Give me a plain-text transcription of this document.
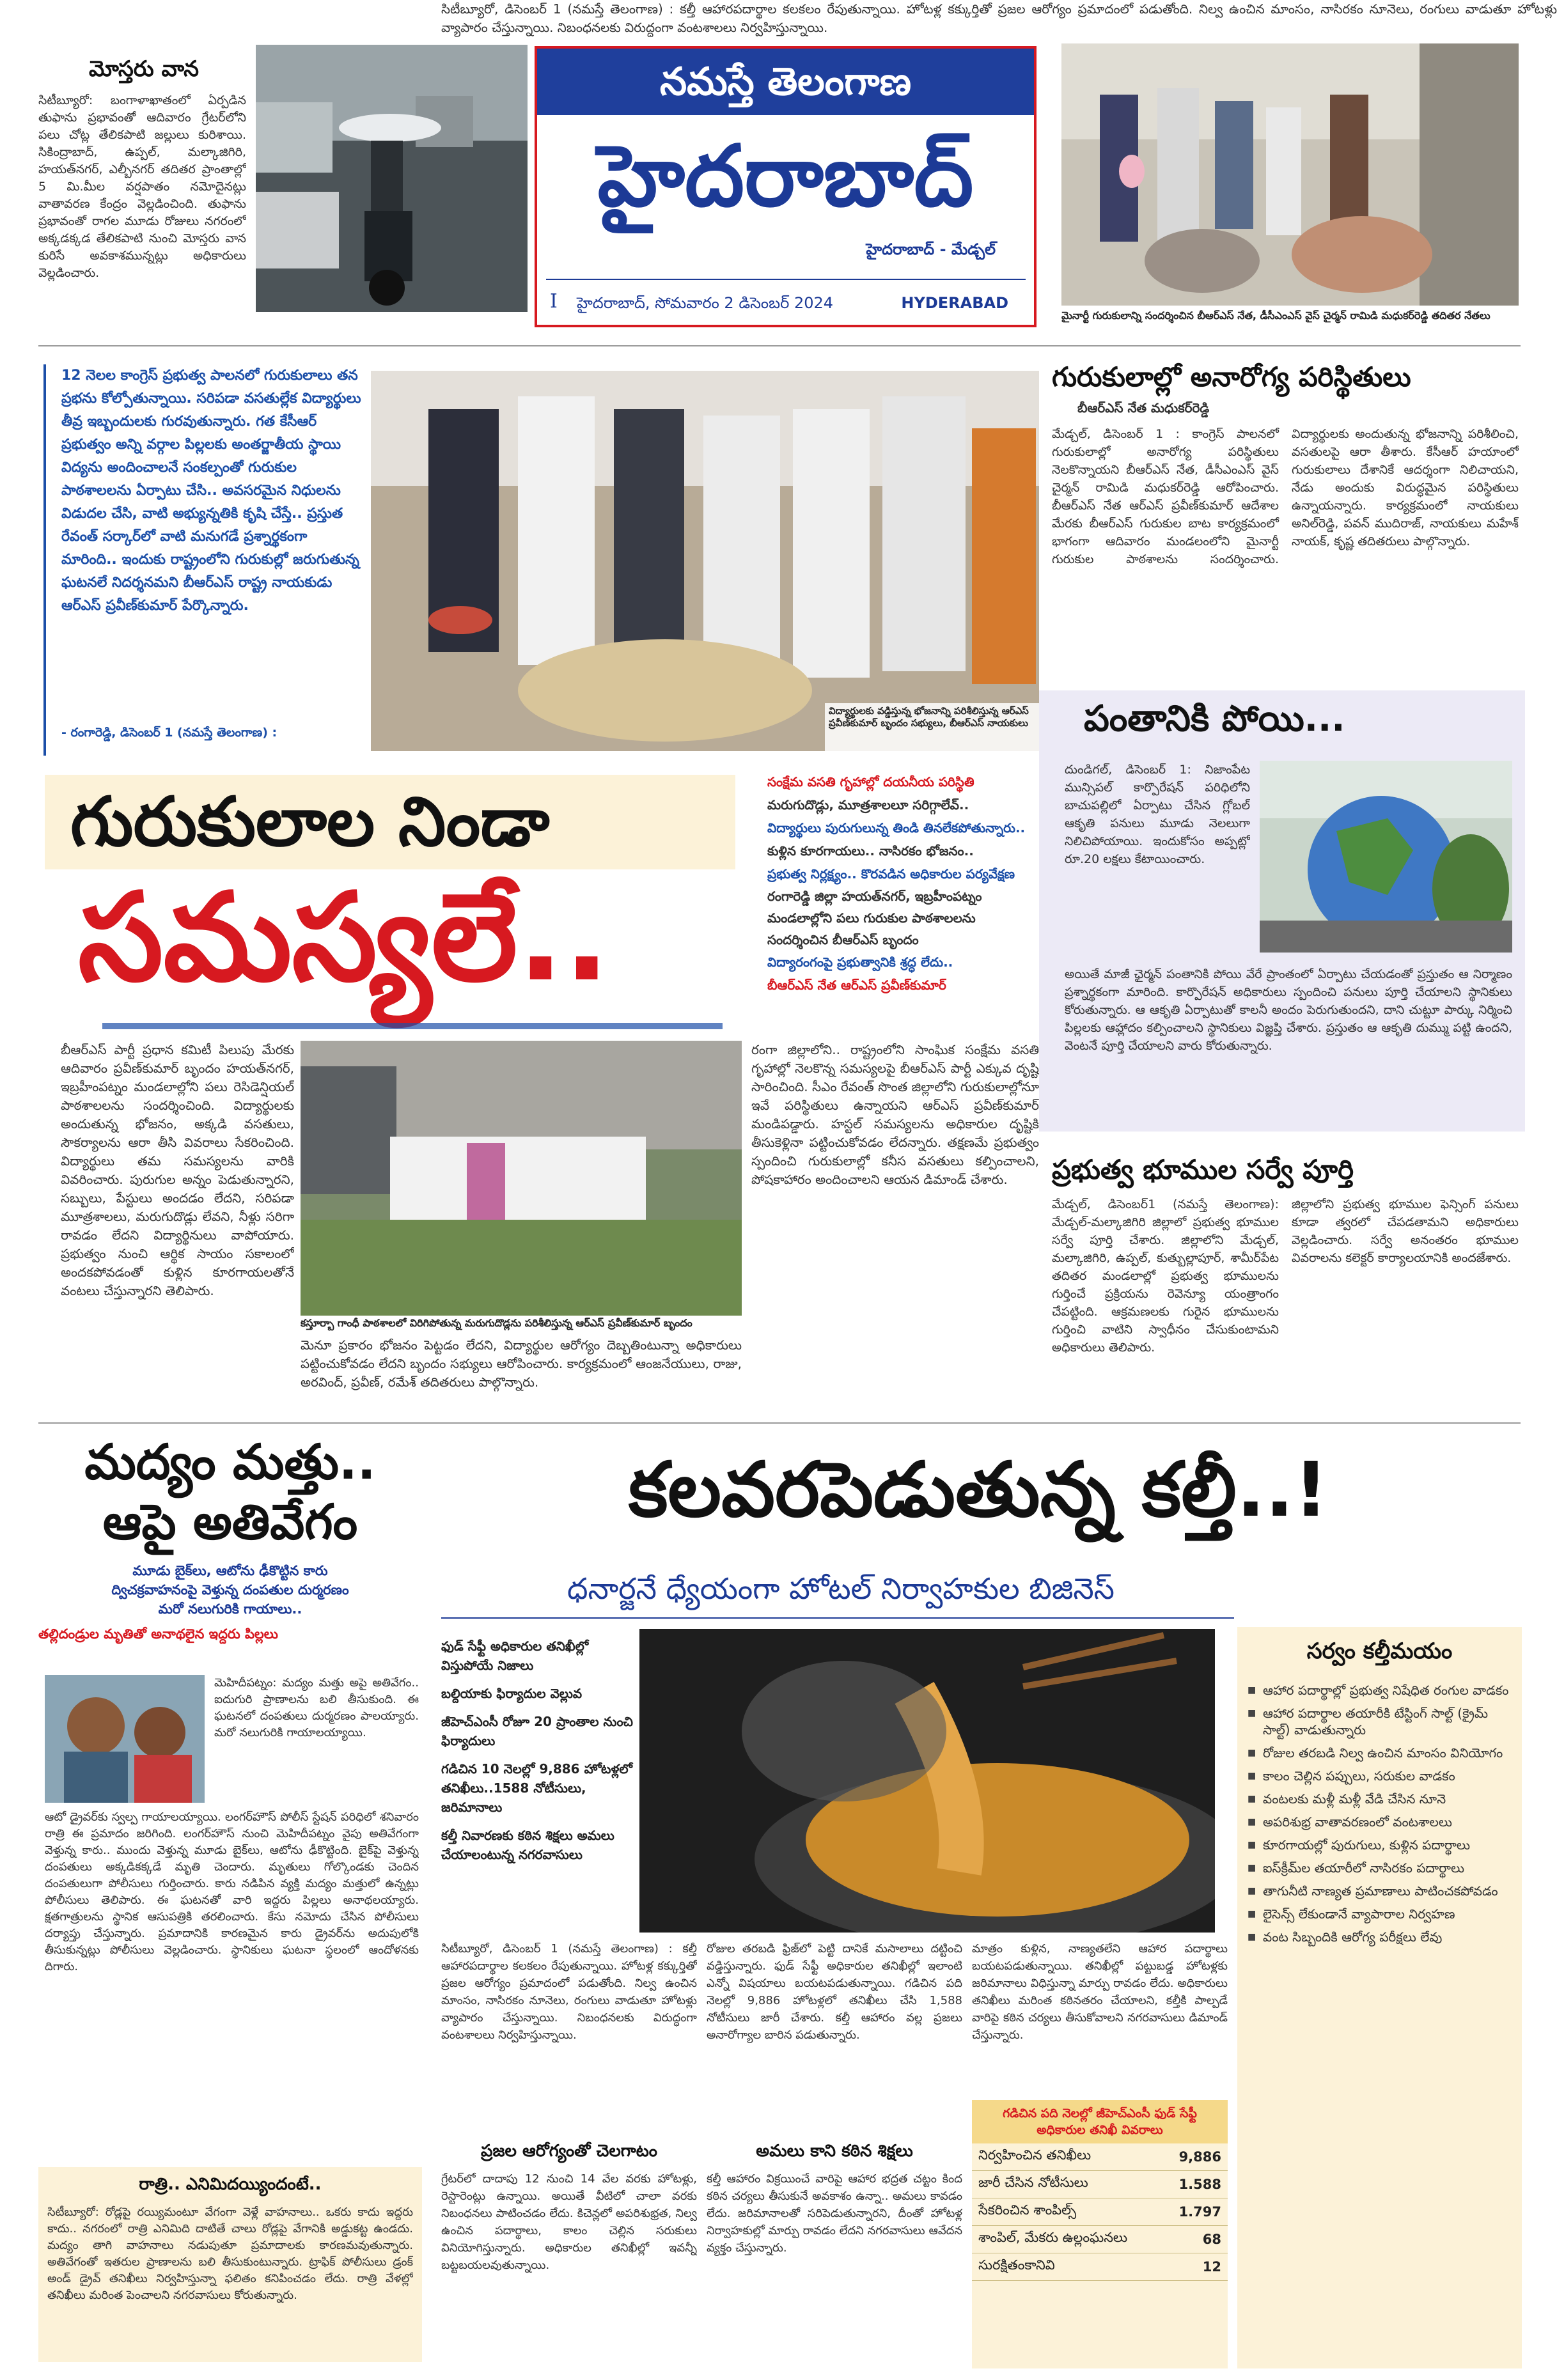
మోస్తరు వాన
సిటీబ్యూరో: బంగాళాఖాతంలో ఏర్పడిన తుఫాను ప్రభావంతో ఆదివారం గ్రేటర్‌లోని పలు చోట్ల తేలికపాటి జల్లులు కురిశాయి. సికింద్రాబాద్, ఉప్పల్, మల్కాజిగిరి, హయత్‌నగర్, ఎల్బీనగర్ తదితర ప్రాంతాల్లో 5 మి.మీల వర్షపాతం నమోదైనట్లు వాతావరణ కేంద్రం వెల్లడించింది. తుఫాను ప్రభావంతో రాగల మూడు రోజులు నగరంలో అక్కడక్కడ తేలికపాటి నుంచి మోస్తరు వాన కురిసే అవకాశమున్నట్లు అధికారులు వెల్లడించారు.
నమస్తే తెలంగాణ
హైదరాబాద్
హైదరాబాద్ - మేడ్చల్
I హైదరాబాద్, సోమవారం 2 డిసెంబర్ 2024	HYDERABAD
మైనార్టీ గురుకులాన్ని సందర్శించిన బీఆర్‌ఎస్ నేత, డీసీఎంఎస్ వైస్ చైర్మన్ రామిడి మధుకర్‌రెడ్డి తదితర నేతలు
12 నెలల కాంగ్రెస్ ప్రభుత్వ పాలనలో గురుకులాలు తన ప్రభను కోల్పోతున్నాయి. సరిపడా వసతుల్లేక విద్యార్థులు తీవ్ర ఇబ్బందులకు గురవుతున్నారు. గత కేసీఆర్ ప్రభుత్వం అన్ని వర్గాల పిల్లలకు అంతర్జాతీయ స్థాయి విద్యను అందించాలనే సంకల్పంతో గురుకుల పాఠశాలలను ఏర్పాటు చేసి.. అవసరమైన నిధులను విడుదల చేసి, వాటి అభ్యున్నతికి కృషి చేస్తే.. ప్రస్తుత రేవంత్ సర్కార్‌లో వాటి మనుగడే ప్రశ్నార్థకంగా మారింది.. ఇందుకు రాష్ట్రంలోని గురుకుల్లో జరుగుతున్న ఘటనలే నిదర్శనమని బీఆర్‌ఎస్ రాష్ట్ర నాయకుడు ఆర్‌ఎస్ ప్రవీణ్‌కుమార్ పేర్కొన్నారు.
- రంగారెడ్డి, డిసెంబర్ 1 (నమస్తే తెలంగాణ) :
విద్యార్థులకు వడ్డిస్తున్న భోజనాన్ని పరిశీలిస్తున్న ఆర్‌ఎస్ ప్రవీణ్‌కుమార్ బృందం సభ్యులు, బీఆర్‌ఎస్ నాయకులు
గురుకులాల నిండా
సమస్యలే..
సంక్షేమ వసతి గృహాల్లో దయనీయ పరిస్థితి
మరుగుదొడ్లు, మూత్రశాలలూ సరిగ్గాలేవ్..
విద్యార్థులు పురుగులున్న తిండి తినలేకపోతున్నారు..
కుళ్లిన కూరగాయలు.. నాసిరకం భోజనం..
ప్రభుత్వ నిర్లక్ష్యం.. కొరవడిన అధికారుల పర్యవేక్షణ
రంగారెడ్డి జిల్లా హయత్‌నగర్, ఇబ్రహీంపట్నం మండలాల్లోని పలు గురుకుల పాఠశాలలను సందర్శించిన బీఆర్‌ఎస్ బృందం
విద్యారంగంపై ప్రభుత్వానికి శ్రద్ధ లేదు..
బీఆర్‌ఎస్ నేత ఆర్‌ఎస్ ప్రవీణ్‌కుమార్
బీఆర్‌ఎస్ పార్టీ ప్రధాన కమిటీ పిలుపు మేరకు ఆదివారం ప్రవీణ్‌కుమార్ బృందం హయత్‌నగర్, ఇబ్రహీంపట్నం మండలాల్లోని పలు రెసిడెన్షియల్ పాఠశాలలను సందర్శించింది. విద్యార్థులకు అందుతున్న భోజనం, అక్కడి వసతులు, సౌకర్యాలను ఆరా తీసి వివరాలు సేకరించింది. విద్యార్థులు తమ సమస్యలను వారికి వివరించారు. పురుగుల అన్నం పెడుతున్నారని, సబ్బులు, పేస్టులు అందడం లేదని, సరిపడా మూత్రశాలలు, మరుగుదొడ్లు లేవని, నీళ్లు సరిగా రావడం లేదని విద్యార్థినులు వాపోయారు. ప్రభుత్వం నుంచి ఆర్థిక సాయం సకాలంలో అందకపోవడంతో కుళ్లిన కూరగాయలతోనే వంటలు చేస్తున్నారని తెలిపారు.
కస్తూర్బా గాంధీ పాఠశాలలో విరిగిపోతున్న మరుగుదొడ్లను పరిశీలిస్తున్న ఆర్‌ఎస్ ప్రవీణ్‌కుమార్ బృందం
రంగా జిల్లాలోని.. రాష్ట్రంలోని సాంఘిక సంక్షేమ వసతి గృహాల్లో నెలకొన్న సమస్యలపై బీఆర్‌ఎస్ పార్టీ ఎక్కువ దృష్టి సారించింది. సీఎం రేవంత్ సొంత జిల్లాలోని గురుకులాల్లోనూ ఇవే పరిస్థితులు ఉన్నాయని ఆర్‌ఎస్ ప్రవీణ్‌కుమార్ మండిపడ్డారు. హస్టల్ సమస్యలను అధికారుల దృష్టికి తీసుకెళ్లినా పట్టించుకోవడం లేదన్నారు. తక్షణమే ప్రభుత్వం స్పందించి గురుకులాల్లో కనీస వసతులు కల్పించాలని, పోషకాహారం అందించాలని ఆయన డిమాండ్ చేశారు.
మెనూ ప్రకారం భోజనం పెట్టడం లేదని, విద్యార్థుల ఆరోగ్యం దెబ్బతింటున్నా అధికారులు పట్టించుకోవడం లేదని బృందం సభ్యులు ఆరోపించారు. కార్యక్రమంలో ఆంజనేయులు, రాజు, అరవింద్, ప్రవీణ్, రమేశ్ తదితరులు పాల్గొన్నారు.
గురుకులాల్లో అనారోగ్య పరిస్థితులు
బీఆర్‌ఎస్ నేత మధుకర్‌రెడ్డి
మేడ్చల్, డిసెంబర్ 1 : కాంగ్రెస్ పాలనలో గురుకులాల్లో అనారోగ్య పరిస్థితులు నెలకొన్నాయని బీఆర్‌ఎస్ నేత, డీసీఎంఎస్ వైస్ చైర్మన్ రామిడి మధుకర్‌రెడ్డి ఆరోపించారు. బీఆర్‌ఎస్ నేత ఆర్‌ఎస్ ప్రవీణ్‌కుమార్ ఆదేశాల మేరకు బీఆర్‌ఎస్ గురుకుల బాట కార్యక్రమంలో భాగంగా ఆదివారం మండలంలోని మైనార్టీ గురుకుల పాఠశాలను సందర్శించారు. విద్యార్థులకు అందుతున్న భోజనాన్ని పరిశీలించి, వసతులపై ఆరా తీశారు. కేసీఆర్ హయాంలో గురుకులాలు దేశానికే ఆదర్శంగా నిలిచాయని, నేడు అందుకు విరుద్ధమైన పరిస్థితులు ఉన్నాయన్నారు. కార్యక్రమంలో నాయకులు అనిల్‌రెడ్డి, పవన్ ముదిరాజ్, నాయకులు మహేశ్ నాయక్, కృష్ణ తదితరులు పాల్గొన్నారు.
పంతానికి పోయి...
దుండిగల్, డిసెంబర్ 1: నిజాంపేట మున్సిపల్ కార్పొరేషన్ పరిధిలోని బాచుపల్లిలో ఏర్పాటు చేసిన గ్లోబల్ ఆకృతి పనులు మూడు నెలలుగా నిలిచిపోయాయి. ఇందుకోసం అప్పట్లో రూ.20 లక్షలు కేటాయించారు.
అయితే మాజీ ఛైర్మన్ పంతానికి పోయి వేరే ప్రాంతంలో ఏర్పాటు చేయడంతో ప్రస్తుతం ఆ నిర్మాణం ప్రశ్నార్థకంగా మారింది. కార్పొరేషన్ అధికారులు స్పందించి పనులు పూర్తి చేయాలని స్థానికులు కోరుతున్నారు. ఆ ఆకృతి ఏర్పాటుతో కాలనీ అందం పెరుగుతుందని, దాని చుట్టూ పార్కు నిర్మించి పిల్లలకు ఆహ్లాదం కల్పించాలని స్థానికులు విజ్ఞప్తి చేశారు. ప్రస్తుతం ఆ ఆకృతి దుమ్ము పట్టి ఉందని, వెంటనే పూర్తి చేయాలని వారు కోరుతున్నారు.
ప్రభుత్వ భూముల సర్వే పూర్తి
మేడ్చల్, డిసెంబర్1 (నమస్తే తెలంగాణ): మేడ్చల్-మల్కాజిగిరి జిల్లాలో ప్రభుత్వ భూముల సర్వే పూర్తి చేశారు. జిల్లాలోని మేడ్చల్, మల్కాజిగిరి, ఉప్పల్, కుత్బుల్లాపూర్, శామీర్‌పేట తదితర మండలాల్లో ప్రభుత్వ భూములను గుర్తించే ప్రక్రియను రెవెన్యూ యంత్రాంగం చేపట్టింది. ఆక్రమణలకు గురైన భూములను గుర్తించి వాటిని స్వాధీనం చేసుకుంటామని అధికారులు తెలిపారు.
జిల్లాలోని ప్రభుత్వ భూముల ఫెన్సింగ్ పనులు కూడా త్వరలో చేపడతామని అధికారులు వెల్లడించారు. సర్వే అనంతరం భూముల వివరాలను కలెక్టర్ కార్యాలయానికి అందజేశారు.
మద్యం మత్తు..
ఆపై అతివేగం
మూడు బైక్‌లు, ఆటోను ఢీకొట్టిన కారు
ద్విచక్రవాహనంపై వెళ్తున్న దంపతుల దుర్మరణం
మరో నలుగురికి గాయాలు..
తల్లిదండ్రుల మృతితో అనాథలైన ఇద్దరు పిల్లలు
మెహిదీపట్నం: మద్యం మత్తు అపై అతివేగం.. ఐదుగురి ప్రాణాలను బలి తీసుకుంది. ఈ ఘటనలో దంపతులు దుర్మరణం పాలయ్యారు. మరో నలుగురికి గాయాలయ్యాయి.
ఆటో డ్రైవర్‌కు స్వల్ప గాయాలయ్యాయి. లంగర్‌హౌస్ పోలీస్ స్టేషన్ పరిధిలో శనివారం రాత్రి ఈ ప్రమాదం జరిగింది. లంగర్‌హౌస్ నుంచి మెహిదీపట్నం వైపు అతివేగంగా వెళ్తున్న కారు.. ముందు వెళ్తున్న మూడు బైక్‌లు, ఆటోను ఢీకొట్టింది. బైక్‌పై వెళ్తున్న దంపతులు అక్కడికక్కడే మృతి చెందారు. మృతులు గోల్కొండకు చెందిన దంపతులుగా పోలీసులు గుర్తించారు. కారు నడిపిన వ్యక్తి మద్యం మత్తులో ఉన్నట్లు పోలీసులు తెలిపారు. ఈ ఘటనతో వారి ఇద్దరు పిల్లలు అనాథలయ్యారు. క్షతగాత్రులను స్థానిక ఆసుపత్రికి తరలించారు. కేసు నమోదు చేసిన పోలీసులు దర్యాప్తు చేస్తున్నారు. ప్రమాదానికి కారణమైన కారు డ్రైవర్‌ను అదుపులోకి తీసుకున్నట్లు పోలీసులు వెల్లడించారు. స్థానికులు ఘటనా స్థలంలో ఆందోళనకు దిగారు.
రాత్రి.. ఎనిమిదయ్యిందంటే..
సిటీబ్యూరో: రోడ్లపై రయ్యిమంటూ వేగంగా వెళ్లే వాహనాలు.. ఒకరు కాదు ఇద్దరు కాదు.. నగరంలో రాత్రి ఎనిమిది దాటితే చాలు రోడ్లపై వేగానికి అడ్డుకట్ట ఉండదు. మద్యం తాగి వాహనాలు నడుపుతూ ప్రమాదాలకు కారణమవుతున్నారు. అతివేగంతో ఇతరుల ప్రాణాలను బలి తీసుకుంటున్నారు. ట్రాఫిక్ పోలీసులు డ్రంక్ అండ్ డ్రైవ్ తనిఖీలు నిర్వహిస్తున్నా ఫలితం కనిపించడం లేదు. రాత్రి వేళల్లో తనిఖీలు మరింత పెంచాలని నగరవాసులు కోరుతున్నారు.
కలవరపెడుతున్న కల్తీ..!
ధనార్జనే ధ్యేయంగా హోటల్ నిర్వాహకుల బిజినెస్
ఫుడ్ సేఫ్టీ అధికారుల తనిఖీల్లో విస్తుపోయే నిజాలు
బల్దియాకు ఫిర్యాదుల వెల్లువ
జీహెచ్‌ఎంసీ రోజూ 20 ప్రాంతాల నుంచి ఫిర్యాదులు
గడిచిన 10 నెలల్లో 9,886 హోటళ్లలో తనిఖీలు..1588 నోటీసులు, జరిమానాలు
కల్తీ నివారణకు కఠిన శిక్షలు అమలు చేయాలంటున్న నగరవాసులు
సిటీబ్యూరో, డిసెంబర్ 1 (నమస్తే తెలంగాణ) : కల్తీ ఆహారపదార్థాల కలకలం రేపుతున్నాయి. హోటళ్ల కక్కుర్తితో ప్రజల ఆరోగ్యం ప్రమాదంలో పడుతోంది. నిల్వ ఉంచిన మాంసం, నాసిరకం నూనెలు, రంగులు వాడుతూ హోటళ్లు వ్యాపారం చేస్తున్నాయి. నిబంధనలకు విరుద్ధంగా వంటశాలలు నిర్వహిస్తున్నాయి.
సిటీబ్యూరో, డిసెంబర్ 1 (నమస్తే తెలంగాణ) : కల్తీ ఆహారపదార్థాల కలకలం రేపుతున్నాయి. హోటళ్ల కక్కుర్తితో ప్రజల ఆరోగ్యం ప్రమాదంలో పడుతోంది. నిల్వ ఉంచిన మాంసం, నాసిరకం నూనెలు, రంగులు వాడుతూ హోటళ్లు వ్యాపారం చేస్తున్నాయి. నిబంధనలకు విరుద్ధంగా వంటశాలలు నిర్వహిస్తున్నాయి.
రోజుల తరబడి ఫ్రిజ్‌లో పెట్టి దానికే మసాలాలు దట్టించి వడ్డిస్తున్నారు. ఫుడ్ సేఫ్టీ అధికారుల తనిఖీల్లో ఇలాంటి ఎన్నో విషయాలు బయటపడుతున్నాయి. గడిచిన పది నెలల్లో 9,886 హోటళ్లలో తనిఖీలు చేసి 1,588 నోటీసులు జారీ చేశారు. కల్తీ ఆహారం వల్ల ప్రజలు అనారోగ్యాల బారిన పడుతున్నారు.
మాత్రం కుళ్లిన, నాణ్యతలేని ఆహార పదార్థాలు బయటపడుతున్నాయి. తనిఖీల్లో పట్టుబడ్డ హోటళ్లకు జరిమానాలు విధిస్తున్నా మార్పు రావడం లేదు. అధికారులు తనిఖీలు మరింత కఠినతరం చేయాలని, కల్తీకి పాల్పడే వారిపై కఠిన చర్యలు తీసుకోవాలని నగరవాసులు డిమాండ్ చేస్తున్నారు.
ప్రజల ఆరోగ్యంతో చెలగాటం
గ్రేటర్‌లో దాదాపు 12 నుంచి 14 వేల వరకు హోటళ్లు, రెస్టారెంట్లు ఉన్నాయి. అయితే వీటిలో చాలా వరకు నిబంధనలు పాటించడం లేదు. కిచెన్లలో అపరిశుభ్రత, నిల్వ ఉంచిన పదార్థాలు, కాలం చెల్లిన సరుకులు వినియోగిస్తున్నారు. అధికారుల తనిఖీల్లో ఇవన్నీ బట్టబయలవుతున్నాయి.
అమలు కాని కఠిన శిక్షలు
కల్తీ ఆహారం విక్రయించే వారిపై ఆహార భద్రత చట్టం కింద కఠిన చర్యలు తీసుకునే అవకాశం ఉన్నా.. అమలు కావడం లేదు. జరిమానాలతో సరిపెడుతున్నారని, దీంతో హోటళ్ల నిర్వాహకుల్లో మార్పు రావడం లేదని నగరవాసులు ఆవేదన వ్యక్తం చేస్తున్నారు.
గడిచిన పది నెలల్లో జీహెచ్‌ఎంసీ ఫుడ్ సేఫ్టీ అధికారుల తనిఖీ వివరాలు
నిర్వహించిన తనిఖీలు	9,886
జారీ చేసిన నోటీసులు	1.588
సేకరించిన శాంపిల్స్	1.797
శాంపిల్, మేకరు ఉల్లంఘనలు	68
సురక్షితంకానివి	12
సర్వం కల్తీమయం
■ ఆహార పదార్థాల్లో ప్రభుత్వ నిషేధిత రంగుల వాడకం
■ ఆహార పదార్థాల తయారీకి టేస్టింగ్ సాల్ట్ (క్రైమ్ సాల్ట్) వాడుతున్నారు
■ రోజుల తరబడి నిల్వ ఉంచిన మాంసం వినియోగం
■ కాలం చెల్లిన పప్పులు, సరుకుల వాడకం
■ వంటలకు మళ్లీ మళ్లీ వేడి చేసిన నూనె
■ అపరిశుభ్ర వాతావరణంలో వంటశాలలు
■ కూరగాయల్లో పురుగులు, కుళ్లిన పదార్థాలు
■ ఐస్‌క్రీమ్‌ల తయారీలో నాసిరకం పదార్థాలు
■ తాగునీటి నాణ్యత ప్రమాణాలు పాటించకపోవడం
■ లైసెన్స్ లేకుండానే వ్యాపారాల నిర్వహణ
■ వంట సిబ్బందికి ఆరోగ్య పరీక్షలు లేవు
